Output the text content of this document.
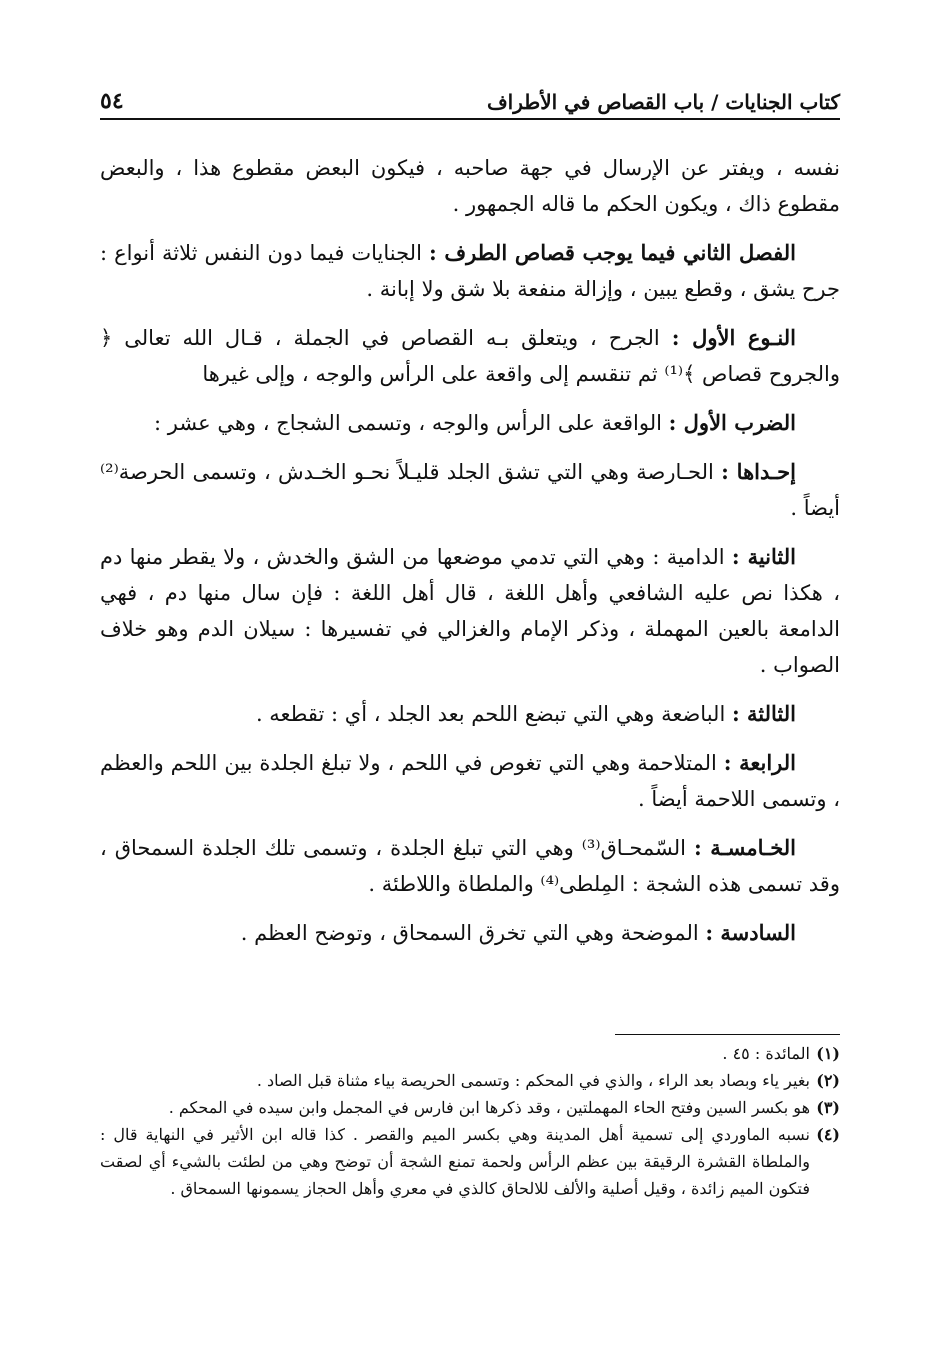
كتاب الجنايات / باب القصاص في الأطراف
٥٤

نفسه ، ويفتر عن الإرسال في جهة صاحبه ، فيكون البعض مقطوع هذا ، والبعض مقطوع ذاك ، ويكون الحكم ما قاله الجمهور .

الفصل الثاني فيما يوجب قصاص الطرف : الجنايات فيما دون النفس ثلاثة أنواع : جرح يشق ، وقطع يبين ، وإزالة منفعة بلا شق ولا إبانة .

النـوع الأول : الجرح ، ويتعلق بـه القصاص في الجملة ، قـال الله تعالى ﴿ والجروح قصاص ﴾⁽¹⁾ ثم تنقسم إلى واقعة على الرأس والوجه ، وإلى غيرها

الضرب الأول : الواقعة على الرأس والوجه ، وتسمى الشجاج ، وهي عشر :

إحـداها : الحـارصة وهي التي تشق الجلد قليـلاً نحـو الخـدش ، وتسمى الحرصة⁽²⁾ أيضاً .

الثانية : الدامية : وهي التي تدمي موضعها من الشق والخدش ، ولا يقطر منها دم ، هكذا نص عليه الشافعي وأهل اللغة ، قال أهل اللغة : فإن سال منها دم ، فهي الدامعة بالعين المهملة ، وذكر الإمام والغزالي في تفسيرها : سيلان الدم وهو خلاف الصواب .

الثالثة : الباضعة وهي التي تبضع اللحم بعد الجلد ، أي : تقطعه .

الرابعة : المتلاحمة وهي التي تغوص في اللحم ، ولا تبلغ الجلدة بين اللحم والعظم ، وتسمى اللاحمة أيضاً .

الخـامسـة : السّمحـاق⁽³⁾ وهي التي تبلغ الجلدة ، وتسمى تلك الجلدة السمحاق ، وقد تسمى هذه الشجة : المِلطى⁽⁴⁾ والملطاة واللاطئة .

السادسة : الموضحة وهي التي تخرق السمحاق ، وتوضح العظم .

(١)
المائدة : ٤٥ .

(٢)
بغير ياء وبصاد بعد الراء ، والذي في المحكم : وتسمى الحريصة بياء مثناة قبل الصاد .

(٣)
هو بكسر السين وفتح الحاء المهملتين ، وقد ذكرها ابن فارس في المجمل وابن سيده في المحكم .

(٤)
نسبه الماوردي إلى تسمية أهل المدينة وهي بكسر الميم والقصر . كذا قاله ابن الأثير في النهاية قال : والملطاة القشرة الرقيقة بين عظم الرأس ولحمة تمنع الشجة أن توضح وهي من لطئت بالشيء أي لصقت فتكون الميم زائدة ، وقيل أصلية والألف للالحاق كالذي في معري وأهل الحجاز يسمونها السمحاق .
